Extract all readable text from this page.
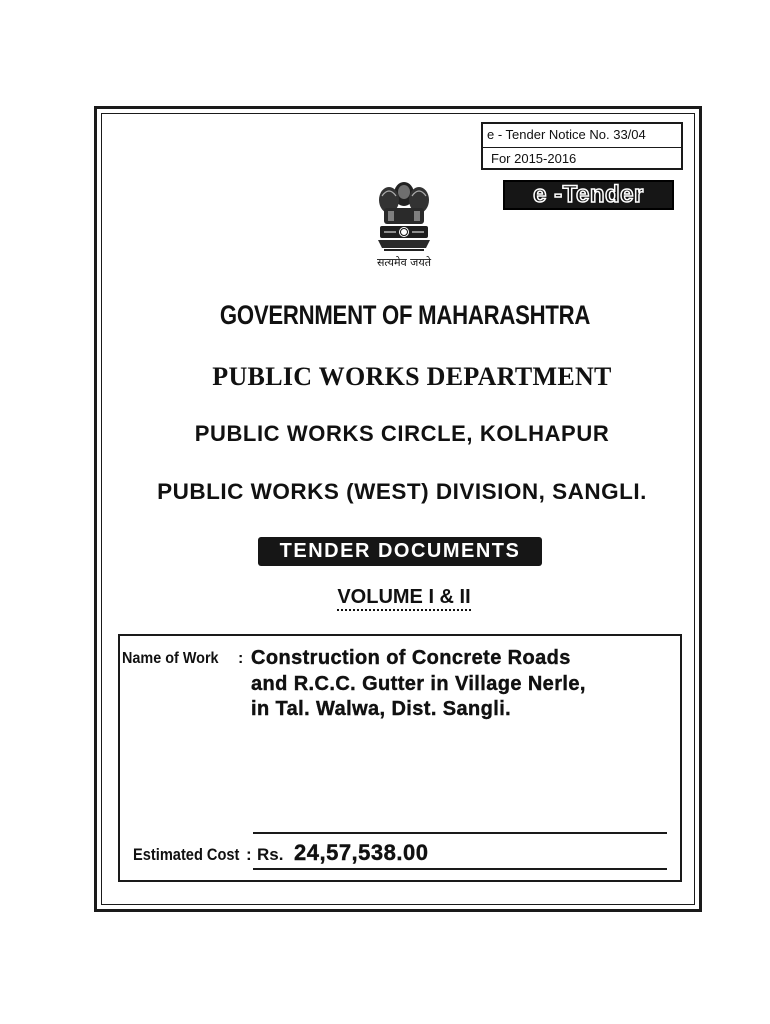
e - Tender Notice No. 33/04
For 2015-2016
e -Tender
सत्यमेव जयते
GOVERNMENT OF MAHARASHTRA
PUBLIC WORKS DEPARTMENT
PUBLIC WORKS CIRCLE, KOLHAPUR
PUBLIC WORKS (WEST) DIVISION, SANGLI.
TENDER DOCUMENTS
VOLUME I & II
Name of Work : Construction of Concrete Roads
and R.C.C. Gutter in Village Nerle,
in Tal. Walwa, Dist. Sangli.
Estimated Cost : Rs. 24,57,538.00
